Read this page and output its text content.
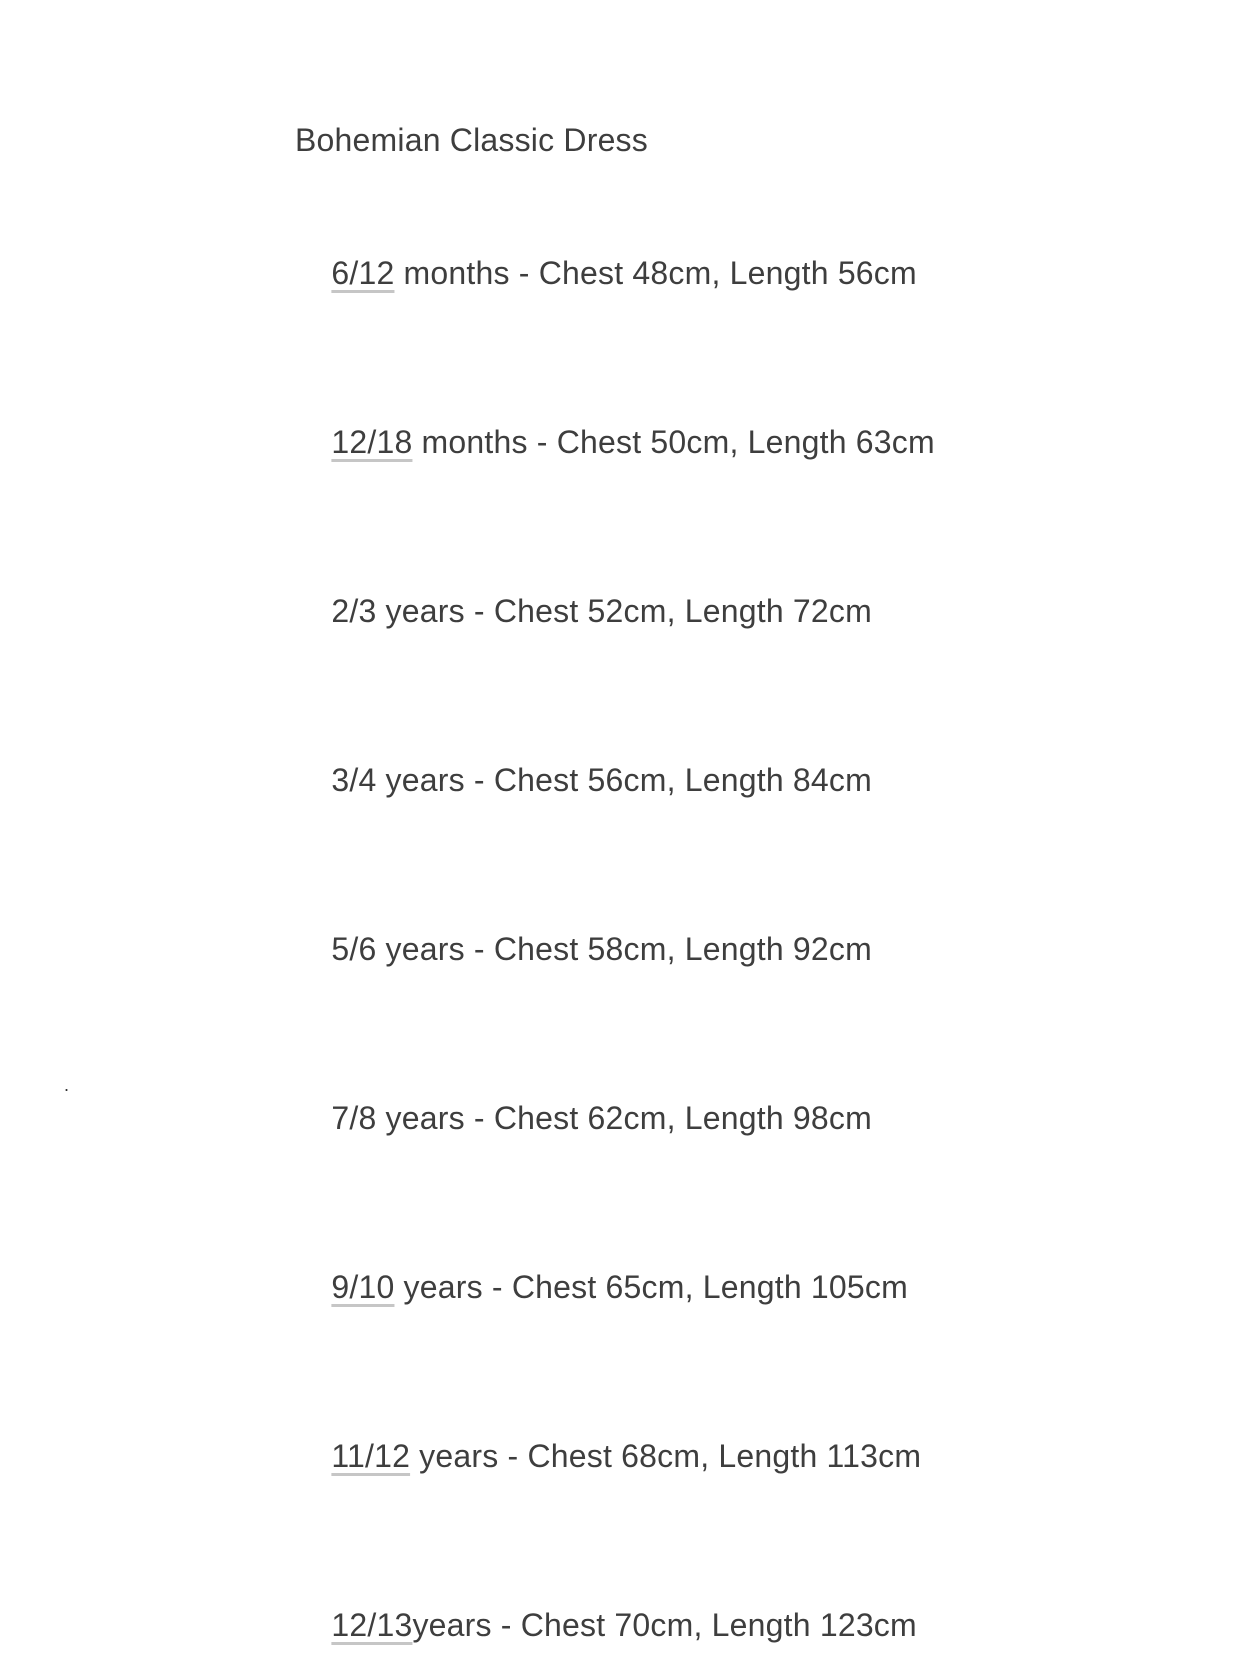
Bohemian Classic Dress

6/12 months - Chest 48cm, Length 56cm

12/18 months - Chest 50cm, Length 63cm

2/3 years - Chest 52cm, Length 72cm

3/4 years - Chest 56cm, Length 84cm

5/6 years - Chest 58cm, Length 92cm

7/8 years - Chest 62cm, Length 98cm

9/10 years - Chest 65cm, Length 105cm

11/12 years - Chest 68cm, Length 113cm

12/13years - Chest 70cm, Length 123cm

.
